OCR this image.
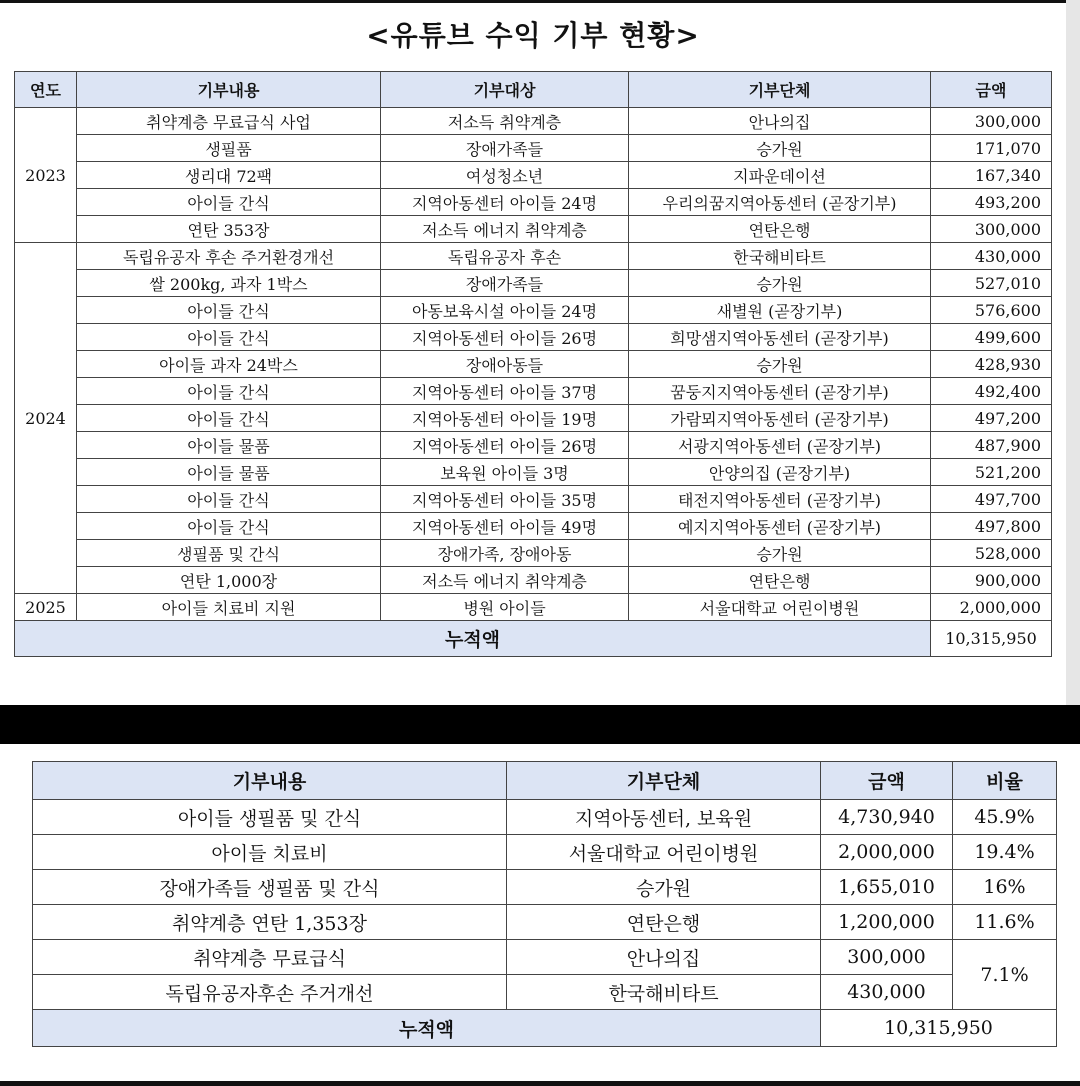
<유튜브 수익 기부 현황>
연도	기부내용	기부대상	기부단체	금액
2023	취약계층 무료급식 사업	저소득 취약계층	안나의집	300,000
	생필품	장애가족들	승가원	171,070
	생리대 72팩	여성청소년	지파운데이션	167,340
	아이들 간식	지역아동센터 아이들 24명	우리의꿈지역아동센터 (곧장기부)	493,200
	연탄 353장	저소득 에너지 취약계층	연탄은행	300,000
2024	독립유공자 후손 주거환경개선	독립유공자 후손	한국해비타트	430,000
	쌀 200kg, 과자 1박스	장애가족들	승가원	527,010
	아이들 간식	아동보육시설 아이들 24명	새별원 (곧장기부)	576,600
	아이들 간식	지역아동센터 아이들 26명	희망샘지역아동센터 (곧장기부)	499,600
	아이들 과자 24박스	장애아동들	승가원	428,930
	아이들 간식	지역아동센터 아이들 37명	꿈둥지지역아동센터 (곧장기부)	492,400
	아이들 간식	지역아동센터 아이들 19명	가람뫼지역아동센터 (곧장기부)	497,200
	아이들 물품	지역아동센터 아이들 26명	서광지역아동센터 (곧장기부)	487,900
	아이들 물품	보육원 아이들 3명	안양의집 (곧장기부)	521,200
	아이들 간식	지역아동센터 아이들 35명	태전지역아동센터 (곧장기부)	497,700
	아이들 간식	지역아동센터 아이들 49명	예지지역아동센터 (곧장기부)	497,800
	생필품 및 간식	장애가족, 장애아동	승가원	528,000
	연탄 1,000장	저소득 에너지 취약계층	연탄은행	900,000
2025	아이들 치료비 지원	병원 아이들	서울대학교 어린이병원	2,000,000
누적액				10,315,950
기부내용	기부단체	금액	비율
아이들 생필품 및 간식	지역아동센터, 보육원	4,730,940	45.9%
아이들 치료비	서울대학교 어린이병원	2,000,000	19.4%
장애가족들 생필품 및 간식	승가원	1,655,010	16%
취약계층 연탄 1,353장	연탄은행	1,200,000	11.6%
취약계층 무료급식	안나의집	300,000	7.1%
독립유공자후손 주거개선	한국해비타트	430,000	
누적액		10,315,950	
